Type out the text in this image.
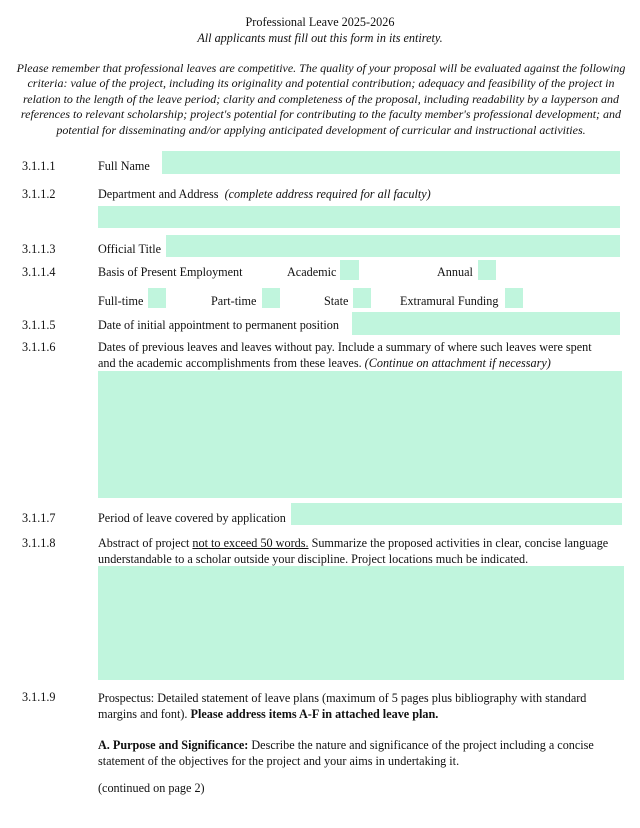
Professional Leave 2025-2026
All applicants must fill out this form in its entirety.
Please remember that professional leaves are competitive. The quality of your proposal will be evaluated against the following criteria: value of the project, including its originality and potential contribution; adequacy and feasibility of the project in relation to the length of the leave period; clarity and completeness of the proposal, including readability by a layperson and references to relevant scholarship; project's potential for contributing to the faculty member's professional development; and potential for disseminating and/or applying anticipated development of curricular and instructional activities.
3.1.1.1	Full Name
3.1.1.2	Department and Address (complete address required for all faculty)
3.1.1.3	Official Title
3.1.1.4	Basis of Present Employment	Academic	Annual
Full-time	Part-time	State	Extramural Funding
3.1.1.5	Date of initial appointment to permanent position
3.1.1.6	Dates of previous leaves and leaves without pay. Include a summary of where such leaves were spent and the academic accomplishments from these leaves. (Continue on attachment if necessary)
3.1.1.7	Period of leave covered by application
3.1.1.8	Abstract of project not to exceed 50 words. Summarize the proposed activities in clear, concise language understandable to a scholar outside your discipline. Project locations much be indicated.
3.1.1.9	Prospectus: Detailed statement of leave plans (maximum of 5 pages plus bibliography with standard margins and font). Please address items A-F in attached leave plan.
A. Purpose and Significance: Describe the nature and significance of the project including a concise statement of the objectives for the project and your aims in undertaking it.
(continued on page 2)
